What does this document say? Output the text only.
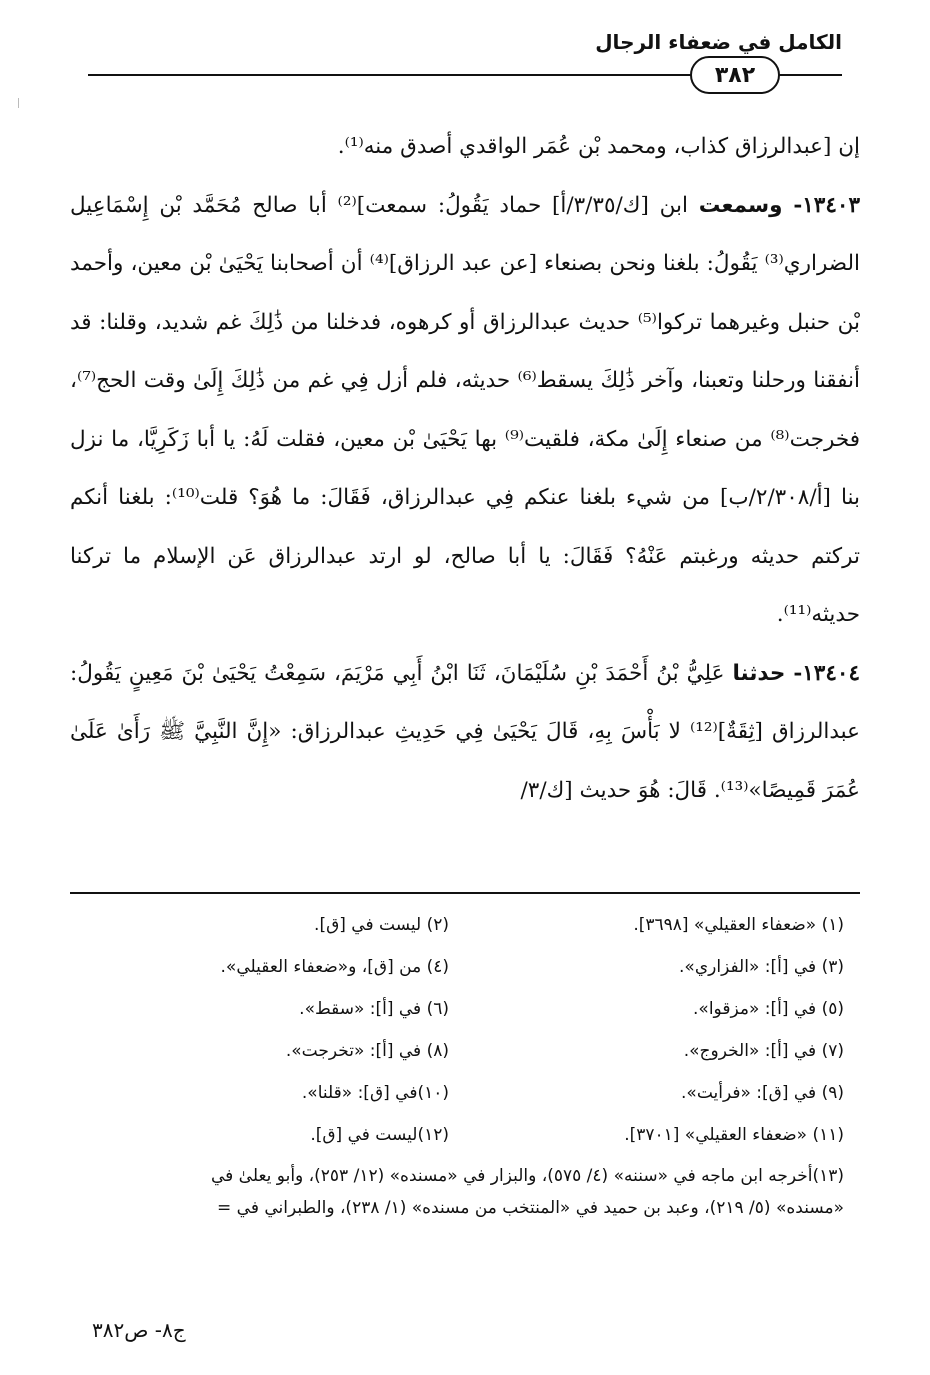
الكامل في ضعفاء الرجال
٣٨٢

إن [عبدالرزاق كذاب، ومحمد بْن عُمَر الواقدي أصدق منه⁽¹⁾.

١٣٤٠٣- وسمعت ابن [ك/٣/٣٥/أ] حماد يَقُولُ: سمعت]⁽²⁾ أبا صالح مُحَمَّد بْن إِسْمَاعِيل الضراري⁽³⁾ يَقُولُ: بلغنا ونحن بصنعاء [عن عبد الرزاق]⁽⁴⁾ أن أصحابنا يَحْيَىٰ بْن معين، وأحمد بْن حنبل وغيرهما تركوا⁽⁵⁾ حديث عبدالرزاق أو كرهوه، فدخلنا من ذَٰلِكَ غم شديد، وقلنا: قد أنفقنا ورحلنا وتعبنا، وآخر ذَٰلِكَ يسقط⁽⁶⁾ حديثه، فلم أزل فِي غم من ذَٰلِكَ إِلَىٰ وقت الحج⁽⁷⁾، فخرجت⁽⁸⁾ من صنعاء إِلَىٰ مكة، فلقيت⁽⁹⁾ بها يَحْيَىٰ بْن معين، فقلت لَهُ: يا أبا زَكَرِيَّا، ما نزل بنا [أ/٢/٣٠٨/ب] من شيء بلغنا عنكم فِي عبدالرزاق، فَقَالَ: ما هُوَ؟ قلت⁽¹⁰⁾: بلغنا أنكم تركتم حديثه ورغبتم عَنْهُ؟ فَقَالَ: يا أبا صالح، لو ارتد عبدالرزاق عَن الإسلام ما تركنا حديثه⁽¹¹⁾.

١٣٤٠٤- حدثنا عَلِيُّ بْنُ أَحْمَدَ بْنِ سُلَيْمَانَ، ثَنَا ابْنُ أَبِي مَرْيَمَ، سَمِعْتُ يَحْيَىٰ بْنَ مَعِينٍ يَقُولُ: عبدالرزاق [ثِقَةٌ]⁽¹²⁾ لا بَأْسَ بِهِ، قَالَ يَحْيَىٰ فِي حَدِيثِ عبدالرزاق: «إِنَّ النَّبِيَّ ﷺ رَأَىٰ عَلَىٰ عُمَرَ قَمِيصًا»⁽¹³⁾. قَالَ: هُوَ حديث [ك/٣/

(١) «ضعفاء العقيلي» [٣٦٩٨].
(٢) ليست في [ق].
(٣) في [أ]: «الفزاري».
(٤) من [ق]، و«ضعفاء العقيلي».
(٥) في [أ]: «مزقوا».
(٦) في [أ]: «سقط».
(٧) في [أ]: «الخروج».
(٨) في [أ]: «تخرجت».
(٩) في [ق]: «فرأيت».
(١٠)في [ق]: «قلنا».
(١١) «ضعفاء العقيلي» [٣٧٠١].
(١٢)ليست في [ق].
(١٣)أخرجه ابن ماجه في «سننه» (٤/ ٥٧٥)، والبزار في «مسنده» (١٢/ ٢٥٣)، وأبو يعلىٰ في
«مسنده» (٥/ ٢١٩)، وعبد بن حميد في «المنتخب من مسنده» (١/ ٢٣٨)، والطبراني في =
ج٨- ص٣٨٢
